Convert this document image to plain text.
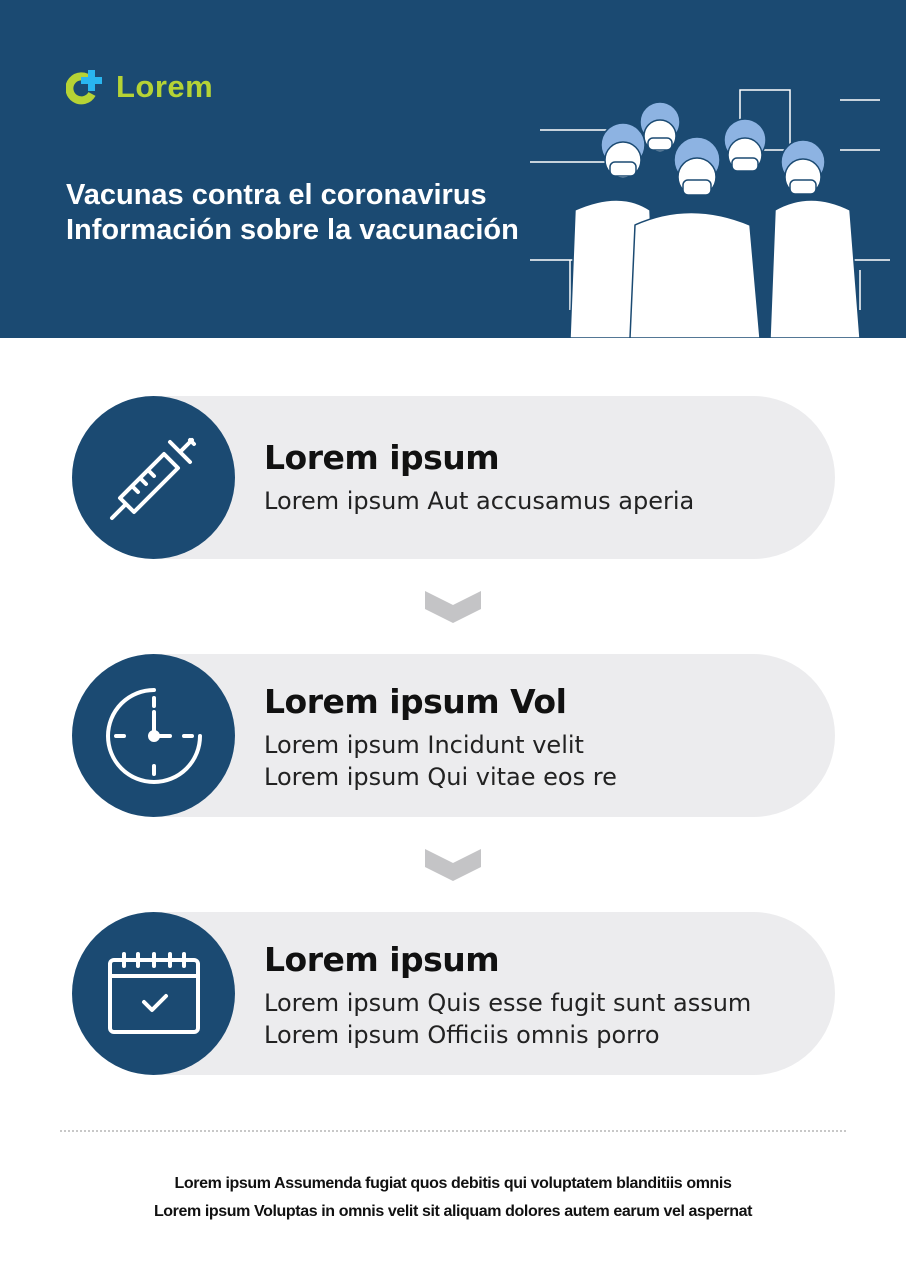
Lorem
Vacunas contra el coronavirus
Información sobre la vacunación
Lorem ipsum
Lorem ipsum Aut accusamus aperia
Lorem ipsum Vol
Lorem ipsum Incidunt velit
Lorem ipsum Qui vitae eos re
Lorem ipsum
Lorem ipsum Quis esse fugit sunt assum
Lorem ipsum Officiis omnis porro
Lorem ipsum Assumenda fugiat quos debitis qui voluptatem blanditiis omnis
Lorem ipsum Voluptas in omnis velit sit aliquam dolores autem earum vel aspernat
